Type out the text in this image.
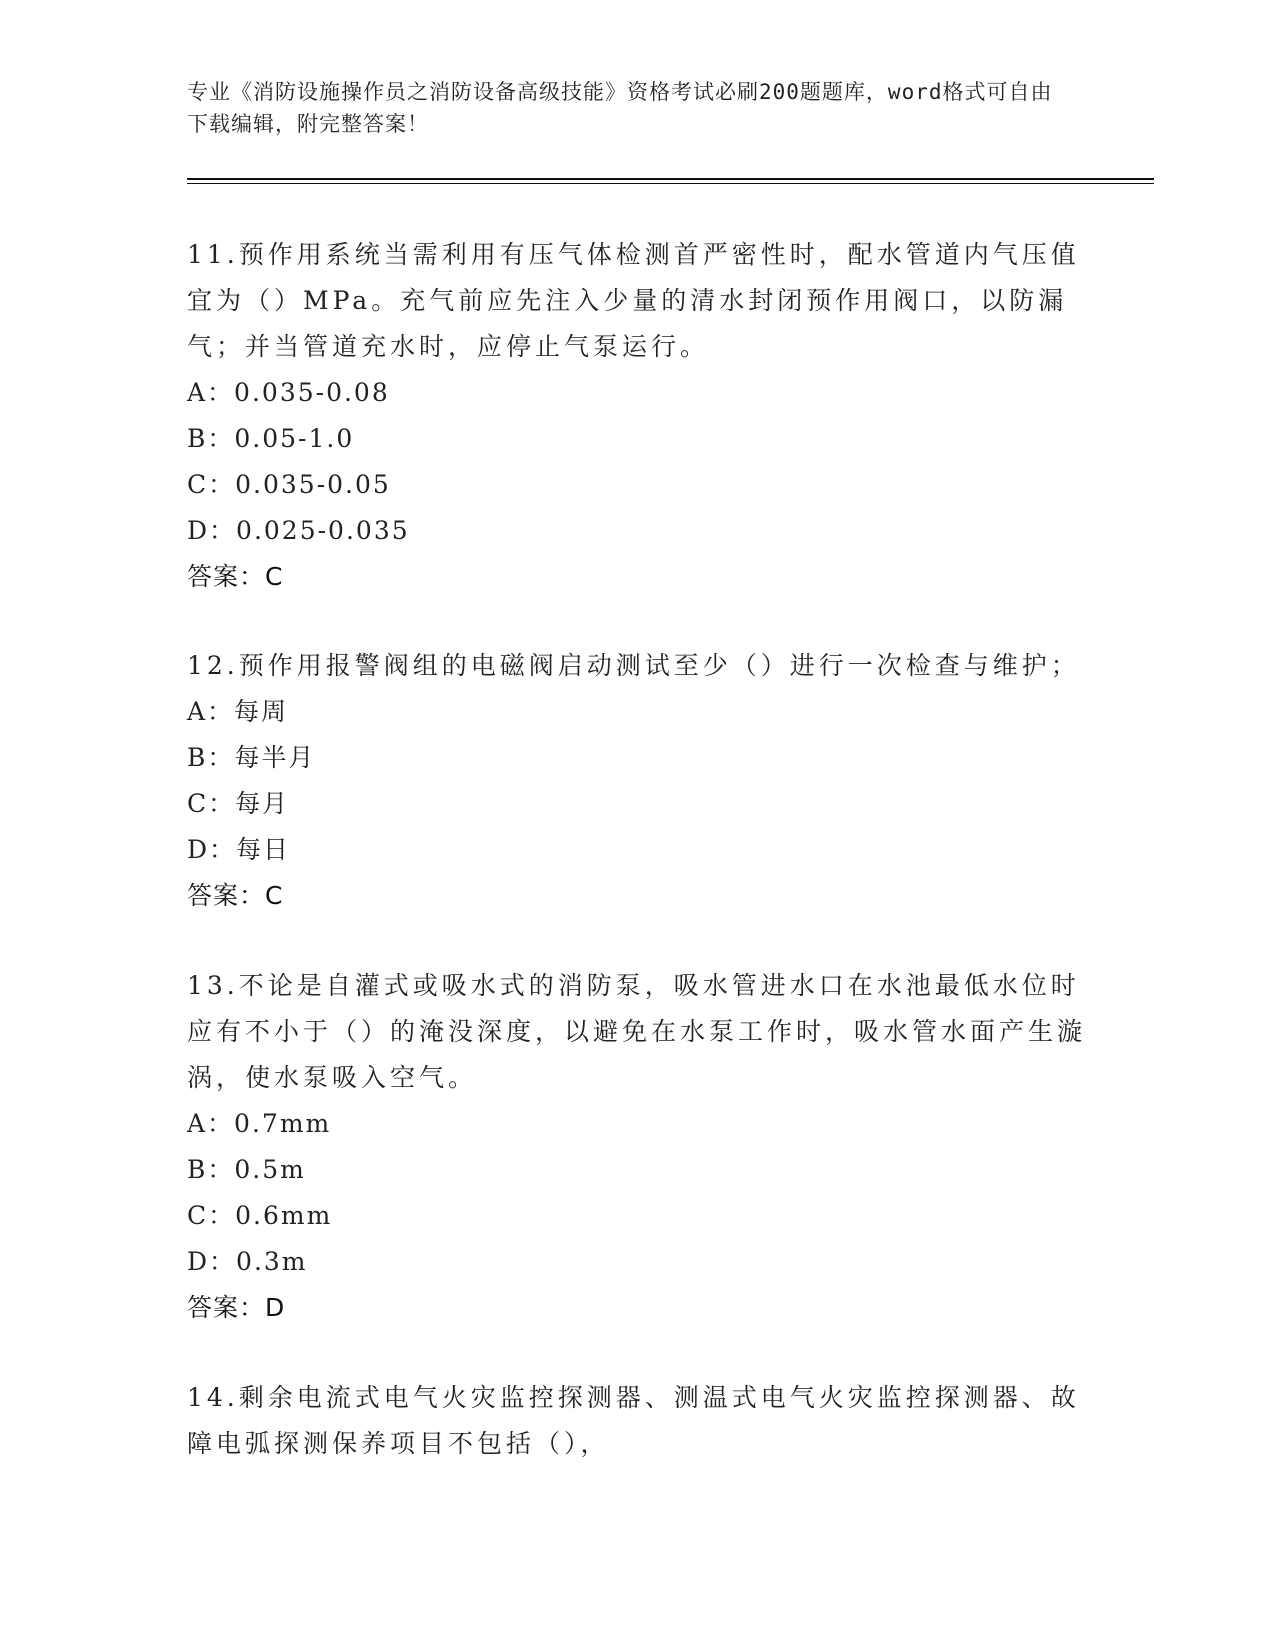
专业《消防设施操作员之消防设备高级技能》资格考试必刷200题题库，word格式可自由下载编辑，附完整答案！

11.预作用系统当需利用有压气体检测首严密性时，配水管道内气压值宜为（）MPa。充气前应先注入少量的清水封闭预作用阀口，以防漏气；并当管道充水时，应停止气泵运行。

A：0.035-0.08

B：0.05-1.0

C：0.035-0.05

D：0.025-0.035

答案：C

12.预作用报警阀组的电磁阀启动测试至少（）进行一次检查与维护；

A：每周

B：每半月

C：每月

D：每日

答案：C

13.不论是自灌式或吸水式的消防泵，吸水管进水口在水池最低水位时应有不小于（）的淹没深度，以避免在水泵工作时，吸水管水面产生漩涡，使水泵吸入空气。

A：0.7mm

B：0.5m

C：0.6mm

D：0.3m

答案：D

14.剩余电流式电气火灾监控探测器、测温式电气火灾监控探测器、故障电弧探测保养项目不包括（），
